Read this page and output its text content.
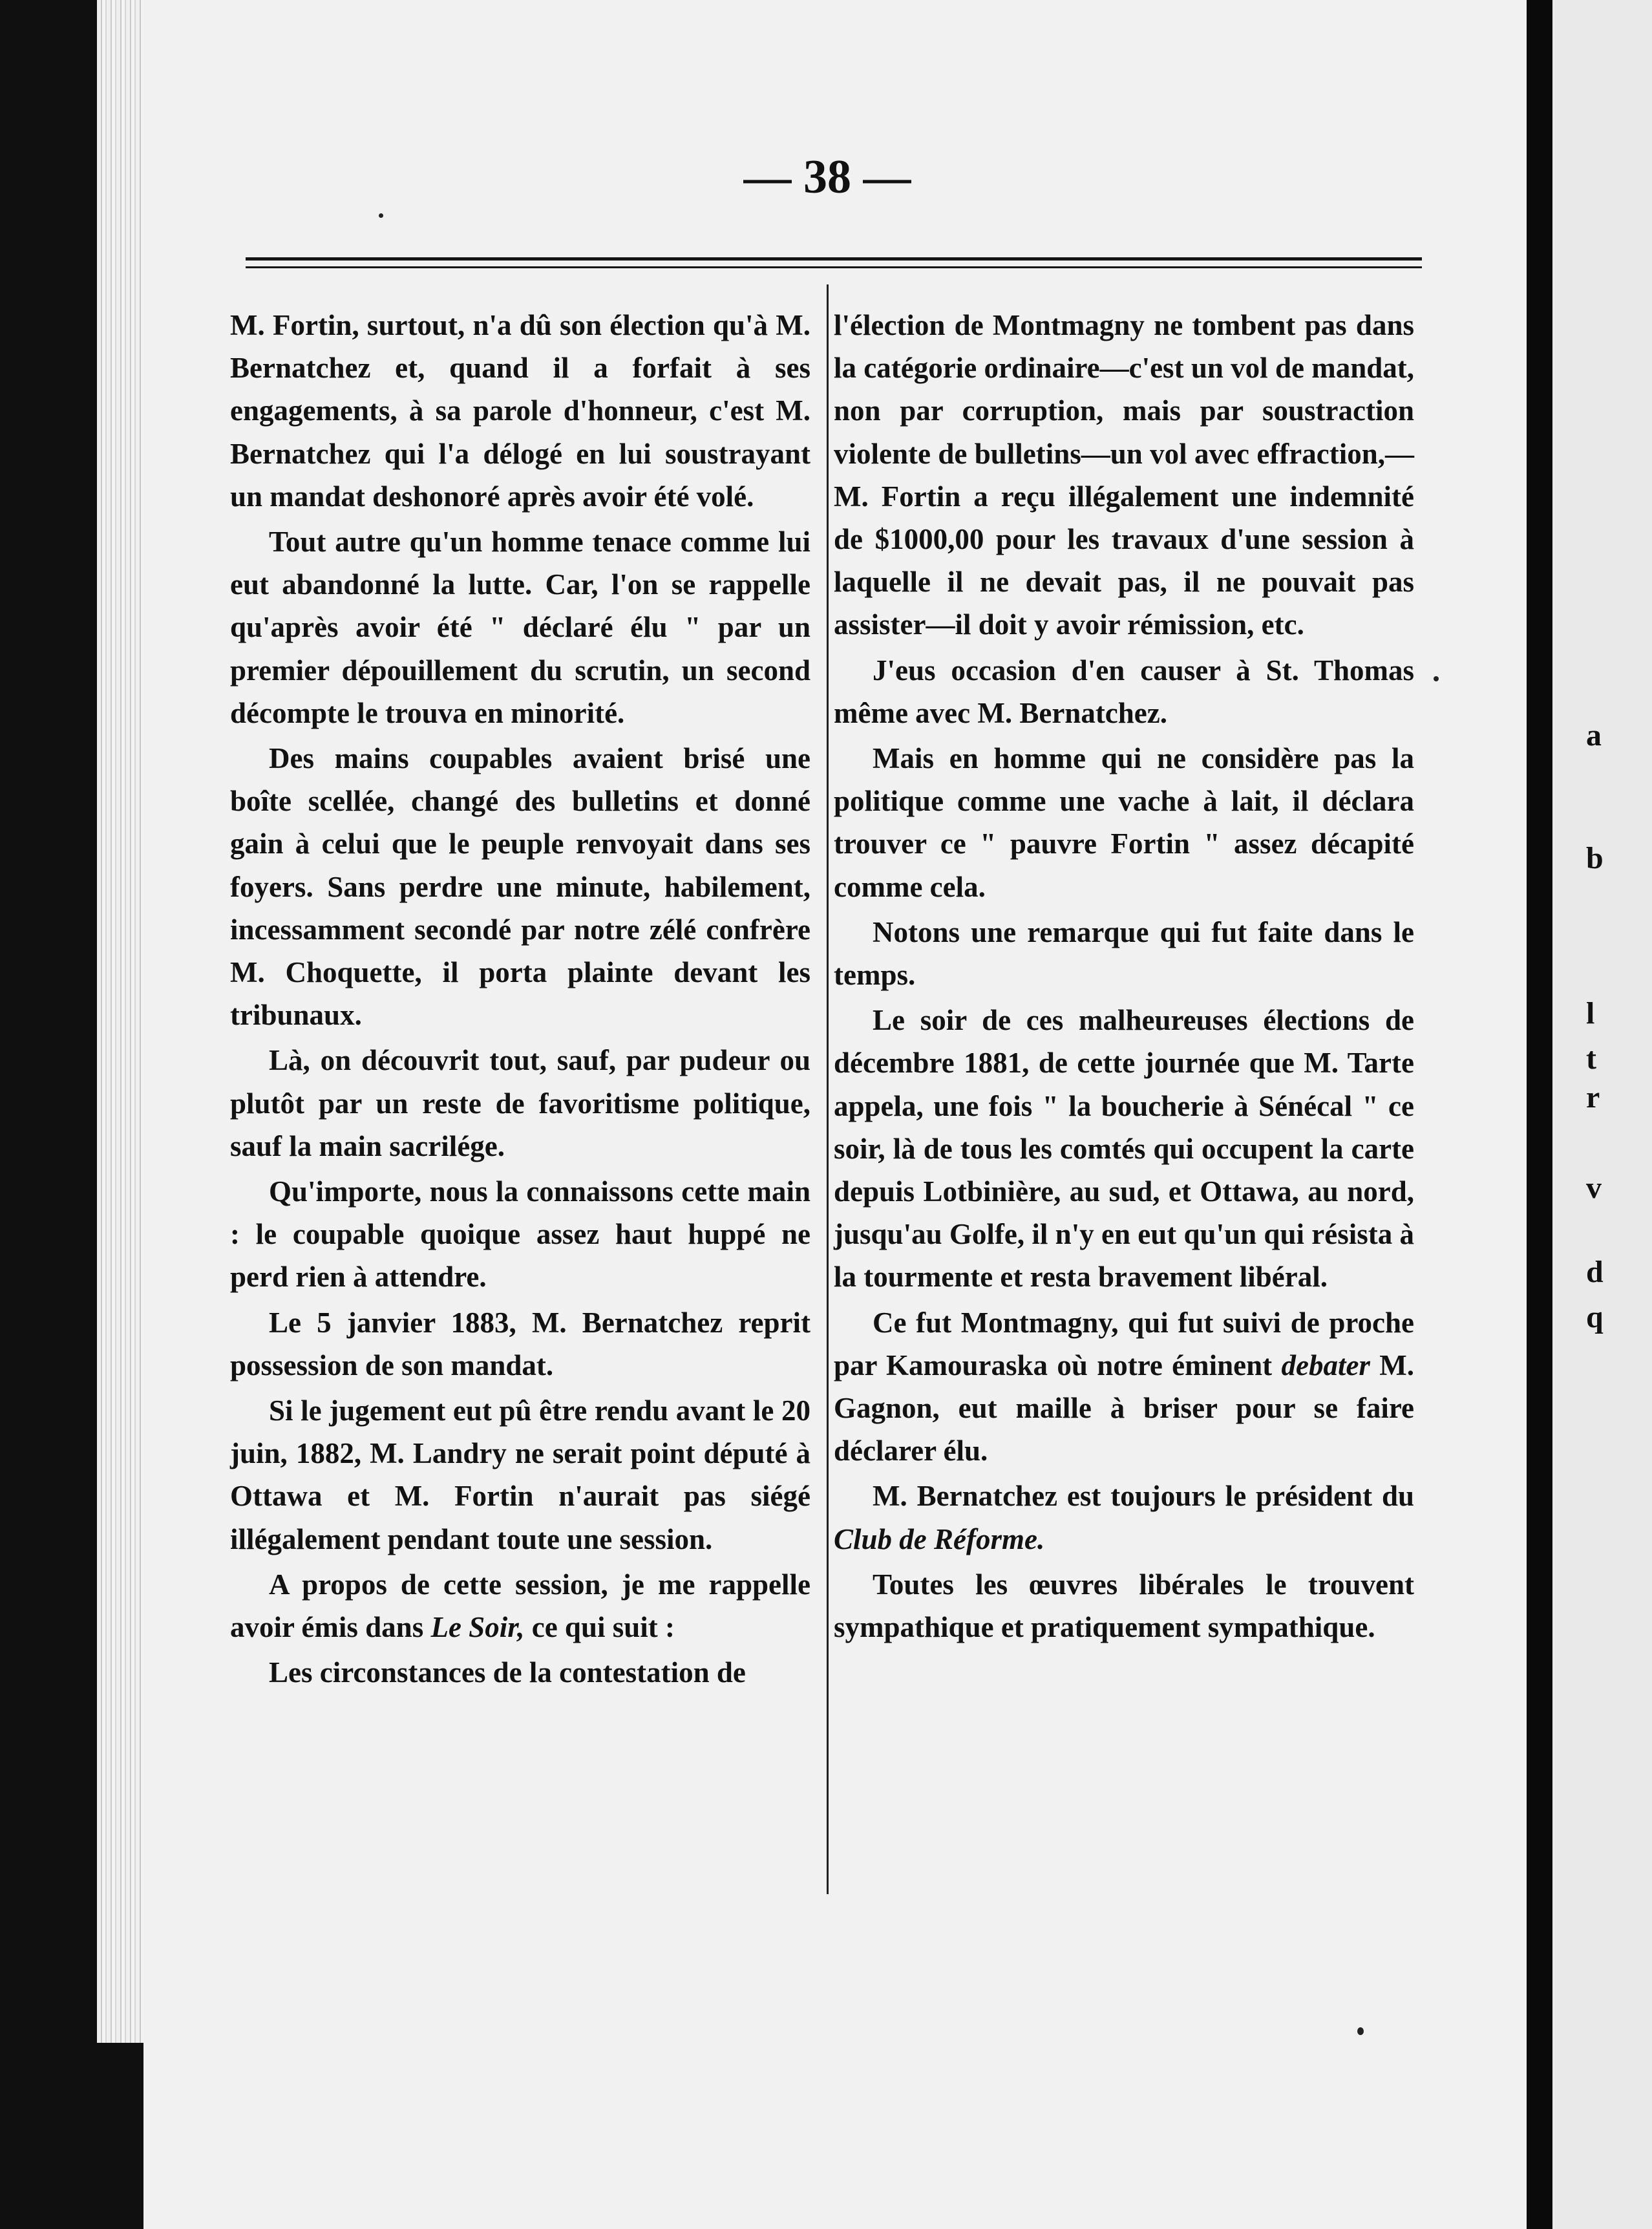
a
b
l
t
r
v
d
q
— 38 —

M. Fortin, surtout, n'a dû son élection qu'à M. Bernatchez et, quand il a forfait à ses engagements, à sa parole d'honneur, c'est M. Bernatchez qui l'a délogé en lui soustrayant un mandat deshonoré après avoir été volé.

Tout autre qu'un homme tenace comme lui eut abandonné la lutte. Car, l'on se rappelle qu'après avoir été " déclaré élu " par un premier dépouillement du scrutin, un second décompte le trouva en minorité.

Des mains coupables avaient brisé une boîte scellée, changé des bulletins et donné gain à celui que le peuple renvoyait dans ses foyers. Sans perdre une minute, habilement, incessamment secondé par notre zélé confrère M. Choquette, il porta plainte devant les tribunaux.

Là, on découvrit tout, sauf, par pudeur ou plutôt par un reste de favoritisme politique, sauf la main sacrilége.

Qu'importe, nous la connaissons cette main : le coupable quoique assez haut huppé ne perd rien à attendre.

Le 5 janvier 1883, M. Bernatchez reprit possession de son mandat.

Si le jugement eut pû être rendu avant le 20 juin, 1882, M. Landry ne serait point député à Ottawa et M. Fortin n'aurait pas siégé illégalement pendant toute une session.

A propos de cette session, je me rappelle avoir émis dans Le Soir, ce qui suit :

Les circonstances de la contestation de

l'élection de Montmagny ne tombent pas dans la catégorie ordinaire—c'est un vol de mandat, non par corruption, mais par soustraction violente de bulletins—un vol avec effraction,—M. Fortin a reçu illégalement une indemnité de $1000,00 pour les travaux d'une session à laquelle il ne devait pas, il ne pouvait pas assister—il doit y avoir rémission, etc.

J'eus occasion d'en causer à St. Thomas même avec M. Bernatchez.

Mais en homme qui ne considère pas la politique comme une vache à lait, il déclara trouver ce " pauvre Fortin " assez décapité comme cela.

Notons une remarque qui fut faite dans le temps.

Le soir de ces malheureuses élections de décembre 1881, de cette journée que M. Tarte appela, une fois " la boucherie à Sénécal " ce soir, là de tous les comtés qui occupent la carte depuis Lotbinière, au sud, et Ottawa, au nord, jusqu'au Golfe, il n'y en eut qu'un qui résista à la tourmente et resta bravement libéral.

Ce fut Montmagny, qui fut suivi de proche par Kamouraska où notre éminent debater M. Gagnon, eut maille à briser pour se faire déclarer élu.

M. Bernatchez est toujours le président du Club de Réforme.

Toutes les œuvres libérales le trouvent sympathique et pratiquement sympathique.
